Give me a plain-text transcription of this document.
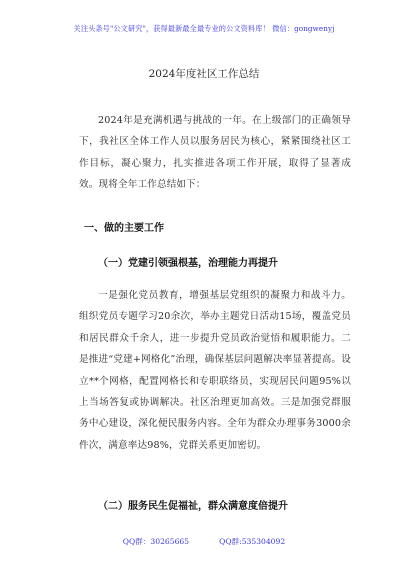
关注头条号"公文研究"，获得最新最全最专业的公文资料库！ 微信：gongwenyj
2024年度社区工作总结

2024年是充满机遇与挑战的一年。在上级部门的正确领导下，我社区全体工作人员以服务居民为核心，紧紧围绕社区工作目标，凝心聚力，扎实推进各项工作开展，取得了显著成效。现将全年工作总结如下：

一、做的主要工作
（一）党建引领强根基，治理能力再提升

一是强化党员教育，增强基层党组织的凝聚力和战斗力。组织党员专题学习20余次，举办主题党日活动15场，覆盖党员和居民群众千余人，进一步提升党员政治觉悟和履职能力。二是推进“党建+网格化”治理，确保基层问题解决率显著提高。设立**个网格，配置网格长和专职联络员，实现居民问题95%以上当场答复或协调解决。社区治理更加高效。三是加强党群服务中心建设，深化便民服务内容。全年为群众办理事务3000余件次，满意率达98%，党群关系更加密切。

（二）服务民生促福祉，群众满意度倍提升
QQ群：30265665	QQ群:535304092
